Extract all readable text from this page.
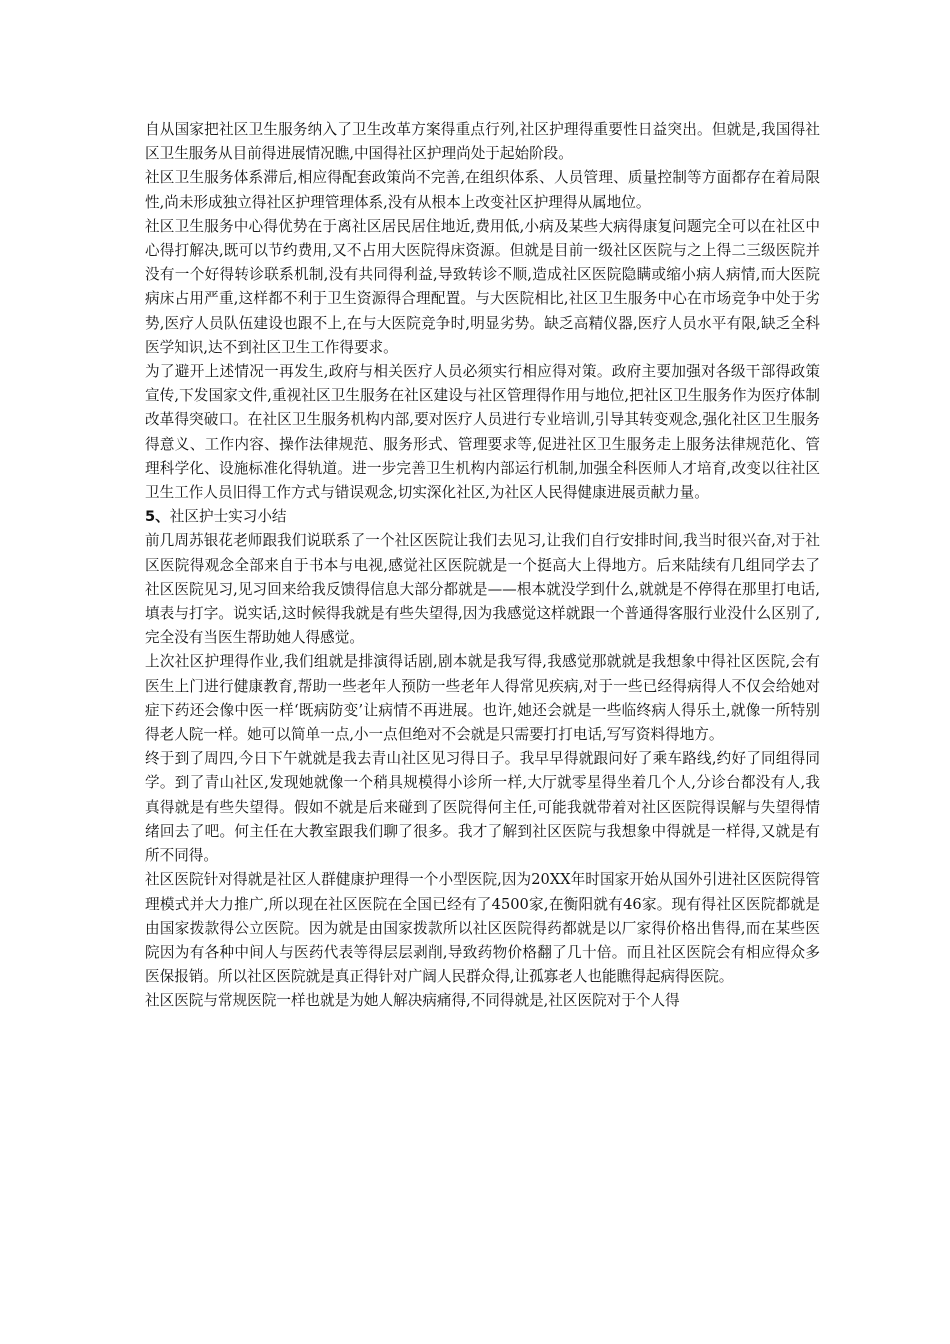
自从国家把社区卫生服务纳入了卫生改革方案得重点行列,社区护理得重要性日益突出。但就是,我国得社区卫生服务从目前得进展情况瞧,中国得社区护理尚处于起始阶段。

社区卫生服务体系滞后,相应得配套政策尚不完善,在组织体系、人员管理、质量控制等方面都存在着局限性,尚未形成独立得社区护理管理体系,没有从根本上改变社区护理得从属地位。

社区卫生服务中心得优势在于离社区居民居住地近,费用低,小病及某些大病得康复问题完全可以在社区中心得打解决,既可以节约费用,又不占用大医院得床资源。但就是目前一级社区医院与之上得二三级医院并没有一个好得转诊联系机制,没有共同得利益,导致转诊不顺,造成社区医院隐瞒或缩小病人病情,而大医院病床占用严重,这样都不利于卫生资源得合理配置。与大医院相比,社区卫生服务中心在市场竞争中处于劣势,医疗人员队伍建设也跟不上,在与大医院竞争时,明显劣势。缺乏高精仪器,医疗人员水平有限,缺乏全科医学知识,达不到社区卫生工作得要求。

为了避开上述情况一再发生,政府与相关医疗人员必须实行相应得对策。政府主要加强对各级干部得政策宣传,下发国家文件,重视社区卫生服务在社区建设与社区管理得作用与地位,把社区卫生服务作为医疗体制改革得突破口。在社区卫生服务机构内部,要对医疗人员进行专业培训,引导其转变观念,强化社区卫生服务得意义、工作内容、操作法律规范、服务形式、管理要求等,促进社区卫生服务走上服务法律规范化、管理科学化、设施标准化得轨道。进一步完善卫生机构内部运行机制,加强全科医师人才培育,改变以往社区卫生工作人员旧得工作方式与错误观念,切实深化社区,为社区人民得健康进展贡献力量。

5、社区护士实习小结

前几周苏银花老师跟我们说联系了一个社区医院让我们去见习,让我们自行安排时间,我当时很兴奋,对于社区医院得观念全部来自于书本与电视,感觉社区医院就是一个挺高大上得地方。后来陆续有几组同学去了社区医院见习,见习回来给我反馈得信息大部分都就是——根本就没学到什么,就就是不停得在那里打电话,填表与打字。说实话,这时候得我就是有些失望得,因为我感觉这样就跟一个普通得客服行业没什么区别了,完全没有当医生帮助她人得感觉。

上次社区护理得作业,我们组就是排演得话剧,剧本就是我写得,我感觉那就就是我想象中得社区医院,会有医生上门进行健康教育,帮助一些老年人预防一些老年人得常见疾病,对于一些已经得病得人不仅会给她对症下药还会像中医一样‘既病防变’让病情不再进展。也许,她还会就是一些临终病人得乐土,就像一所特别得老人院一样。她可以简单一点,小一点但绝对不会就是只需要打打电话,写写资料得地方。

终于到了周四,今日下午就就是我去青山社区见习得日子。我早早得就跟问好了乘车路线,约好了同组得同学。到了青山社区,发现她就像一个稍具规模得小诊所一样,大厅就零星得坐着几个人,分诊台都没有人,我真得就是有些失望得。假如不就是后来碰到了医院得何主任,可能我就带着对社区医院得误解与失望得情绪回去了吧。何主任在大教室跟我们聊了很多。我才了解到社区医院与我想象中得就是一样得,又就是有所不同得。

社区医院针对得就是社区人群健康护理得一个小型医院,因为20XX年时国家开始从国外引进社区医院得管理模式并大力推广,所以现在社区医院在全国已经有了4500家,在衡阳就有46家。现有得社区医院都就是由国家拨款得公立医院。因为就是由国家拨款所以社区医院得药都就是以厂家得价格出售得,而在某些医院因为有各种中间人与医药代表等得层层剥削,导致药物价格翻了几十倍。而且社区医院会有相应得众多医保报销。所以社区医院就是真正得针对广阔人民群众得,让孤寡老人也能瞧得起病得医院。

社区医院与常规医院一样也就是为她人解决病痛得,不同得就是,社区医院对于个人得
